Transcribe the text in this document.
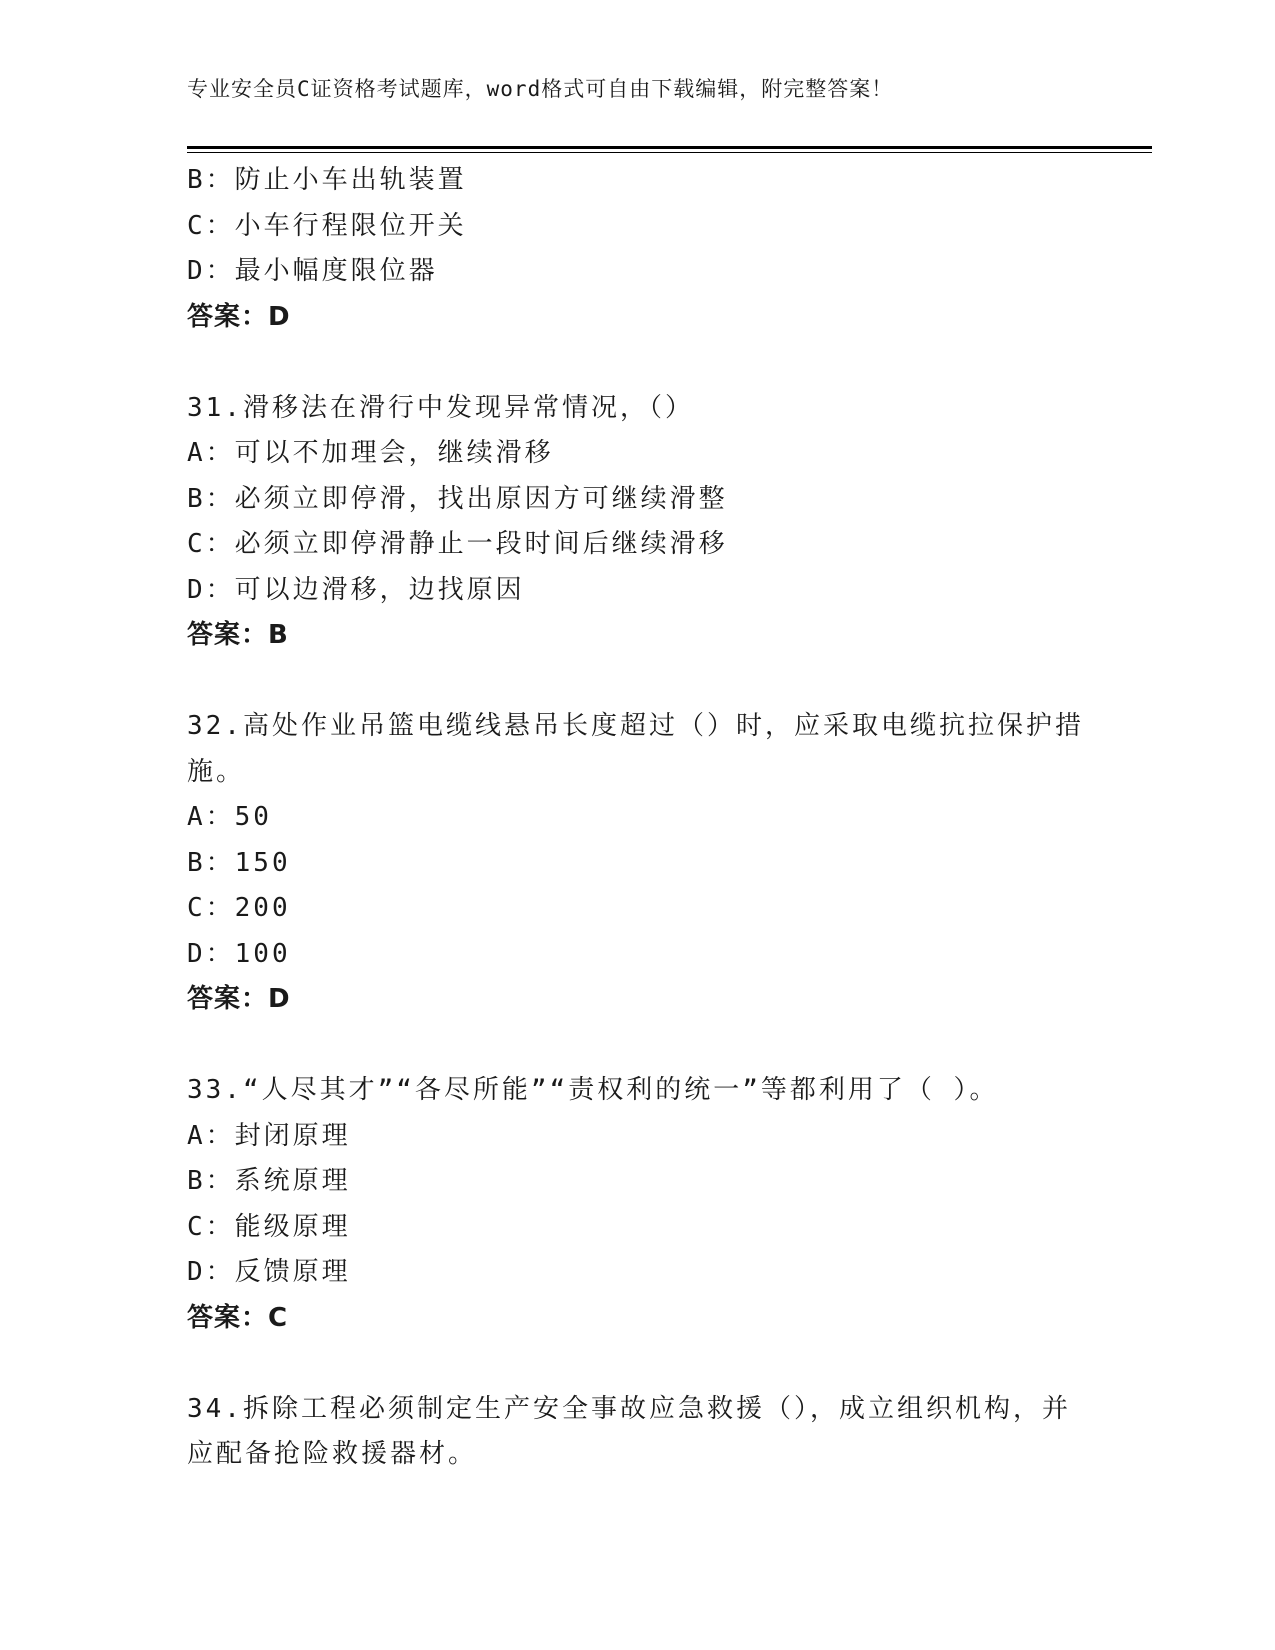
专业安全员C证资格考试题库，word格式可自由下载编辑，附完整答案！
B：防止小车出轨装置
C：小车行程限位开关
D：最小幅度限位器
答案：D
31.滑移法在滑行中发现异常情况，（）
A：可以不加理会，继续滑移
B：必须立即停滑，找出原因方可继续滑整
C：必须立即停滑静止一段时间后继续滑移
D：可以边滑移，边找原因
答案：B
32.高处作业吊篮电缆线悬吊长度超过（）时，应采取电缆抗拉保护措施。
A：50
B：150
C：200
D：100
答案：D
33.“人尽其才”“各尽所能”“责权利的统一”等都利用了（ ）。
A：封闭原理
B：系统原理
C：能级原理
D：反馈原理
答案：C
34.拆除工程必须制定生产安全事故应急救援（），成立组织机构，并应配备抢险救援器材。
